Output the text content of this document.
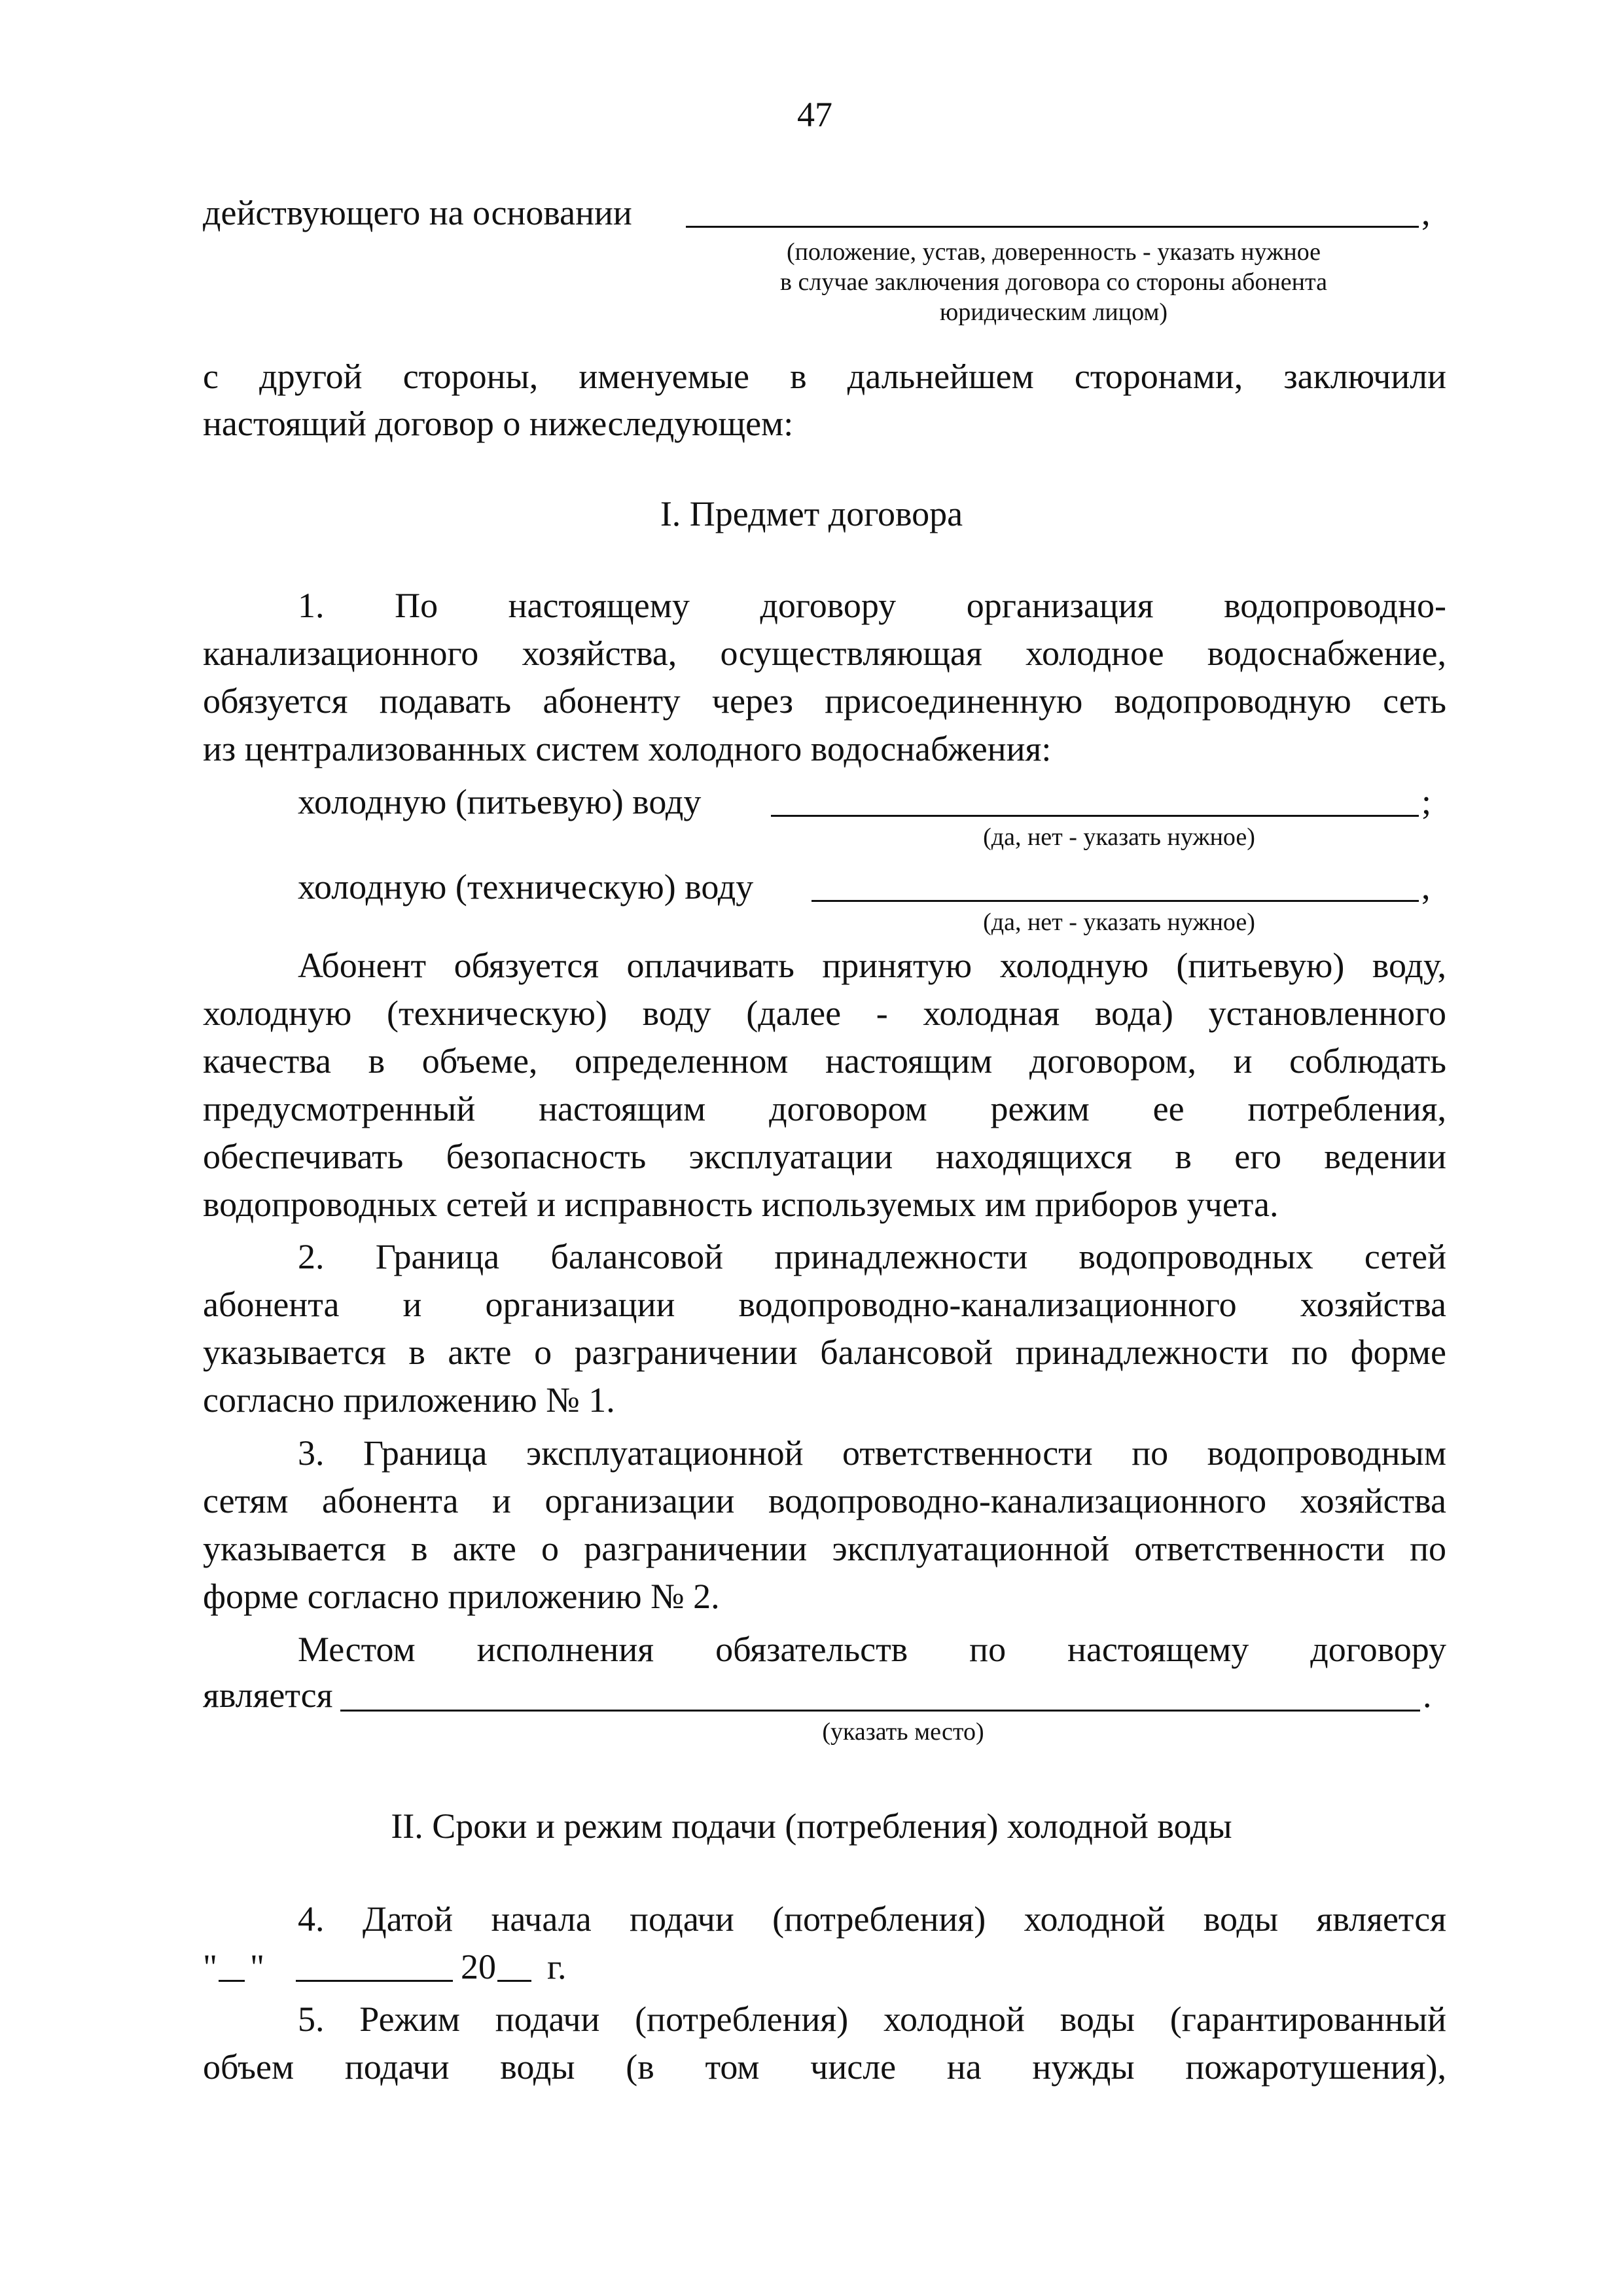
47
действующего на основании	,
(положение, устав, доверенность - указать нужное
в случае заключения договора со стороны абонента
юридическим лицом)
с другой стороны, именуемые в дальнейшем сторонами, заключили
настоящий договор о нижеследующем:
I. Предмет договора
1. По настоящему договору организация водопроводно-
канализационного хозяйства, осуществляющая холодное водоснабжение,
обязуется подавать абоненту через присоединенную водопроводную сеть
из централизованных систем холодного водоснабжения:
холодную (питьевую) воду	;
(да, нет - указать нужное)
холодную (техническую) воду	,
(да, нет - указать нужное)
Абонент обязуется оплачивать принятую холодную (питьевую) воду,
холодную (техническую) воду (далее - холодная вода) установленного
качества в объеме, определенном настоящим договором, и соблюдать
предусмотренный настоящим договором режим ее потребления,
обеспечивать безопасность эксплуатации находящихся в его ведении
водопроводных сетей и исправность используемых им приборов учета.
2. Граница балансовой принадлежности водопроводных сетей
абонента и организации водопроводно-канализационного хозяйства
указывается в акте о разграничении балансовой принадлежности по форме
согласно приложению № 1.
3. Граница эксплуатационной ответственности по водопроводным
сетям абонента и организации водопроводно-канализационного хозяйства
указывается в акте о разграничении эксплуатационной ответственности по
форме согласно приложению № 2.
Местом исполнения обязательств по настоящему договору
является	.
(указать место)
II. Сроки и режим подачи (потребления) холодной воды
4. Датой начала подачи (потребления) холодной воды является
" "	20 г.
5. Режим подачи (потребления) холодной воды (гарантированный
объем подачи воды (в том числе на нужды пожаротушения),
